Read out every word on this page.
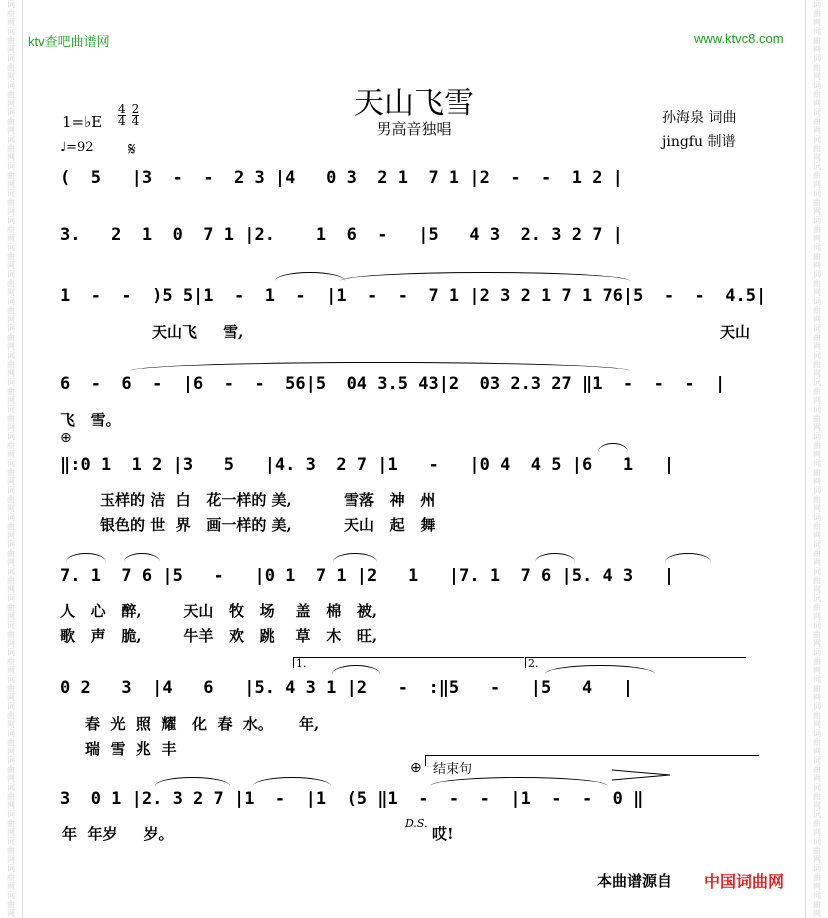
词
曲
网
词
曲
网
词
曲
网
词
曲
网
词
曲
网
词
曲
网
词
曲
网
词
曲
网
词
曲
网
词
曲
网
词
曲
网
词
曲
网
词
曲
网
词
曲
网
词
曲
网
词
曲
网
词
曲
网
词
曲
网
词
曲
网
词
曲
网
词
曲
网
词
曲
网
词
曲
网
词
曲
网
词
曲
网
词
曲
网
词
曲
网
词
曲
网
词
曲
网
词
曲
网
词
曲
网
词
曲
网
词
曲
网
词
曲
网
词
曲
网
词
曲
网
词
曲
网
词
曲
网
词
曲
网
词
曲
网
词
曲
网
词
曲
网
词
曲
网
词
曲
网
词
曲
网
词
曲
网
词
曲
网
词
曲
网
词
曲
网
词
曲
网
词
曲
网
词
曲
网
词
曲
网
词
曲
网
词
曲
网
词
曲
网
词
曲
网
词
曲
网
词
曲
网
词
曲
网
词
曲
网
词
曲
网
词
曲
网
词
曲
网
词
曲
网
词
曲
网
词
曲
网
词
曲
网
ktv查吧曲谱网	www.ktvc8.com
天山飞雪
男高音独唱
孙海泉 词曲
jingfu 制谱
1=♭E $\frac{4}{4} \frac{2}{4}$
♩=92 𝄋
(  5   |3  -  -  2 3 |4   0 3  2 1  7 1 |2  -  -  1 2 |
3.   2  1  0  7 1 |2.    1  6  -   |5   4 3  2. 3 2 7 |
1  -  -  )5 5|1  -  1  -  |1  -  -  7 1 |2 3 2 1 7 1 76|5  -  -  4.5|
天山飞     雪,	天山
6  -  6  -  |6  -  -  56|5  04 3.5 43|2  03 2.3 27 ‖1  -  -  -  |
飞   雪。
⊕
‖:0 1  1 2 |3   5   |4. 3  2 7 |1   -   |0 4  4 5 |6   1   |
玉样的 洁  白   花一样的 美,          雪落   神   州
银色的 世  界   画一样的 美,          天山   起   舞
7. 1  7 6 |5   -   |0 1  7 1 |2   1   |7. 1  7 6 |5. 4 3   |
人   心   醉,        天山   牧   场    盖   棉   被,
歌   声   脆,        牛羊   欢   跳    草   木   旺,
1.	2.
0 2   3  |4   6   |5. 4 3 1 |2   -  :‖5   -   |5   4   |
春  光  照  耀   化  春  水。     年,
瑞  雪  兆  丰
⊕ 结束句
3  0 1 |2. 3 2 7 |1  -  |1  (5 ‖1  -  -  -  |1  -  -  0 ‖
年  年岁     岁。
D.S.
哎!
本曲谱源自 中国词曲网
